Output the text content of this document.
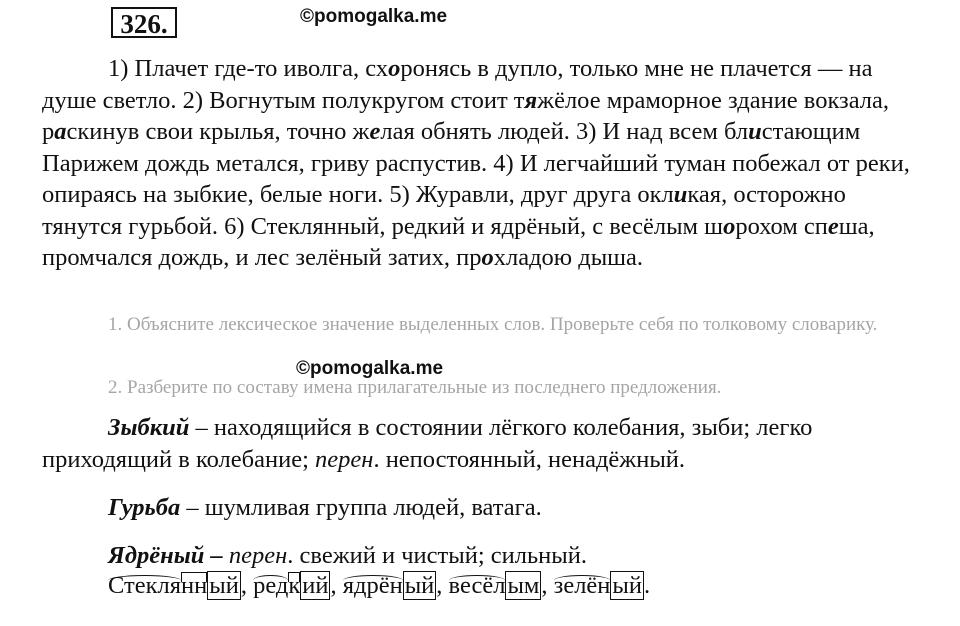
326.	©pomogalka.me

1) Плачет где-то иволга, схоронясь в дупло, только мне не плачется — на душе светло. 2) Вогнутым полукругом стоит тяжёлое мраморное здание вокзала, раскинув свои крылья, точно желая обнять людей. 3) И над всем блистающим Парижем дождь метался, гриву распустив. 4) И легчайший туман побежал от реки, опираясь на зыбкие, белые ноги. 5) Журавли, друг друга окликая, осторожно тянутся гурьбой. 6) Стеклянный, редкий и ядрёный, с весёлым шорохом спеша, промчался дождь, и лес зелёный затих, прохладою дыша.

1. Объясните лексическое значение выделенных слов. Проверьте себя по толковому словарику.

©pomogalka.me

2. Разберите по составу имена прилагательные из последнего предложения.

Зыбкий – находящийся в состоянии лёгкого колебания, зыби; легко приходящий в колебание; перен. непостоянный, ненадёжный.

Гурьба – шумливая группа людей, ватага.

Ядрёный – перен. свежий и чистый; сильный.

Стеклянный, редкий, ядрёный, весёлым, зелёный.
